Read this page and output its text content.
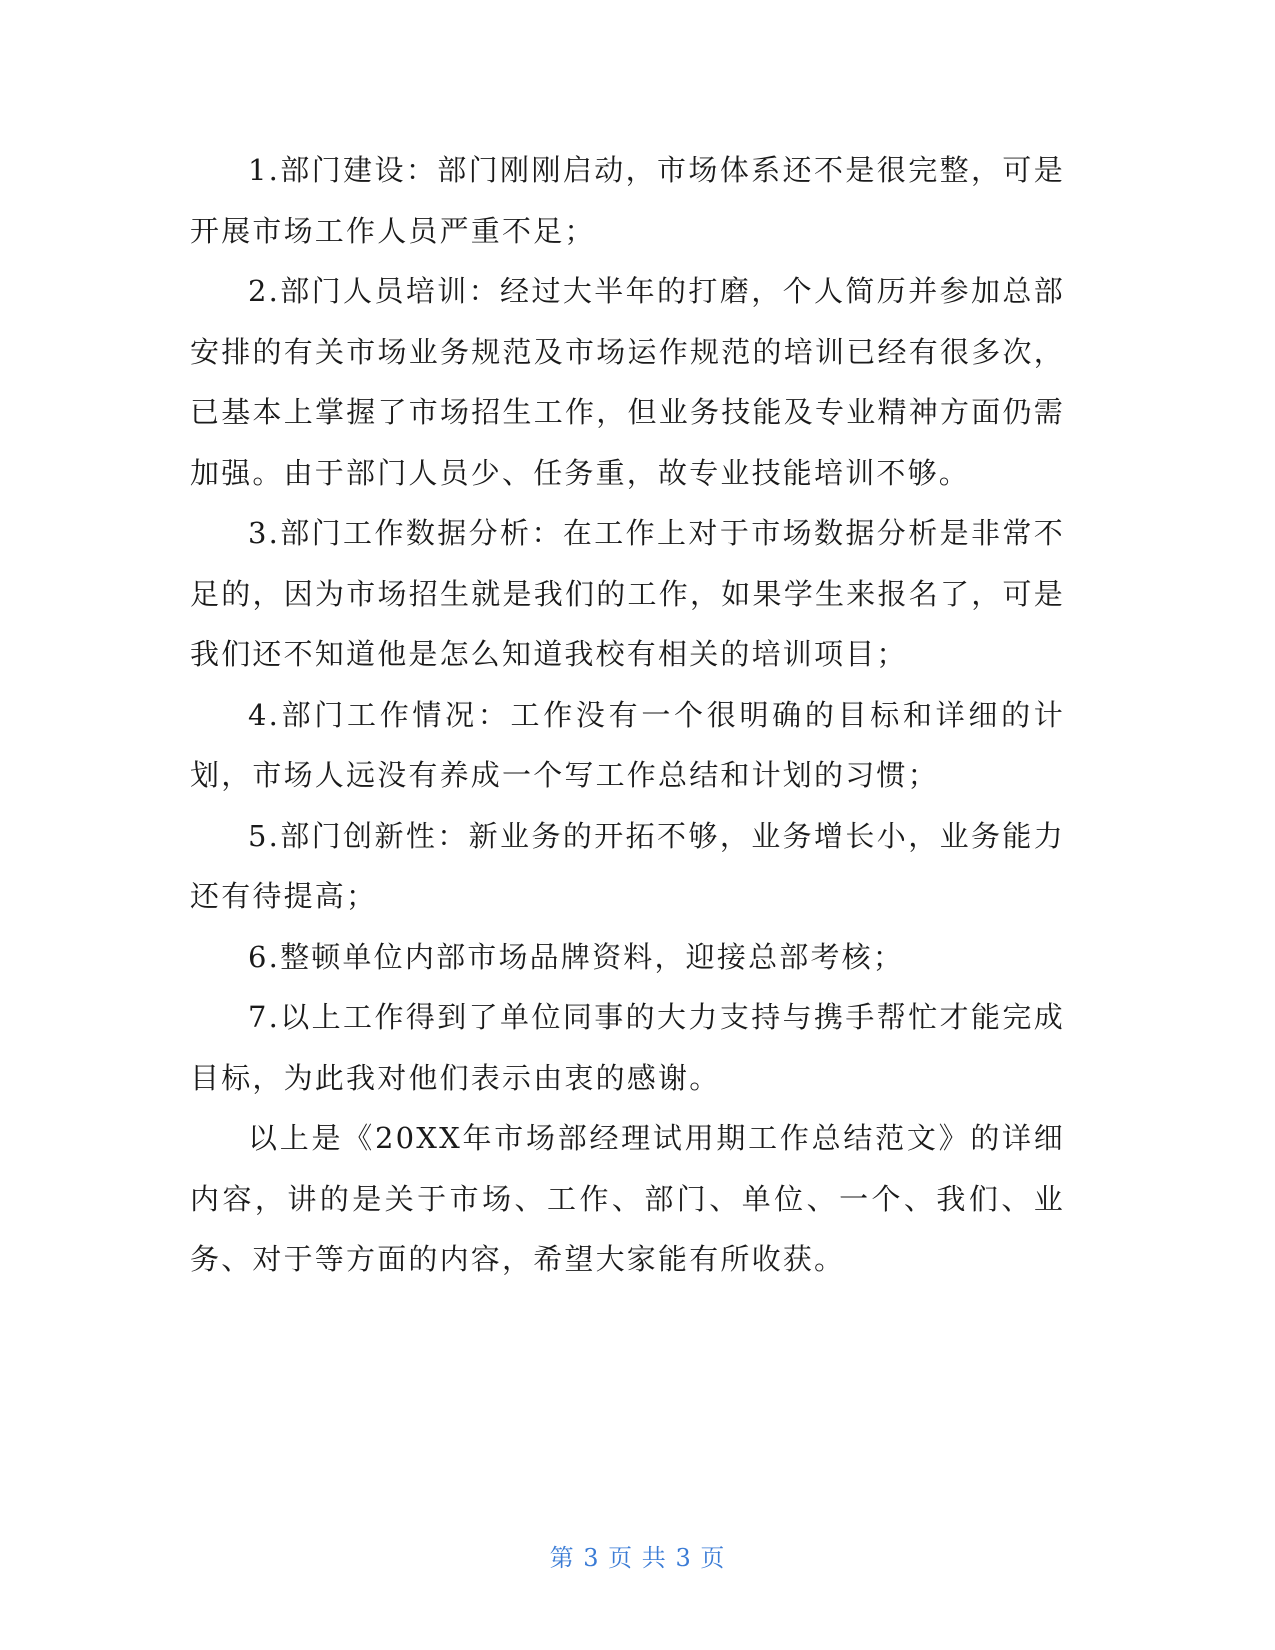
1.部门建设：部门刚刚启动，市场体系还不是很完整，可是开展市场工作人员严重不足；

2.部门人员培训：经过大半年的打磨，个人简历并参加总部安排的有关市场业务规范及市场运作规范的培训已经有很多次，已基本上掌握了市场招生工作，但业务技能及专业精神方面仍需加强。由于部门人员少、任务重，故专业技能培训不够。

3.部门工作数据分析：在工作上对于市场数据分析是非常不足的，因为市场招生就是我们的工作，如果学生来报名了，可是我们还不知道他是怎么知道我校有相关的培训项目；

4.部门工作情况：工作没有一个很明确的目标和详细的计划，市场人远没有养成一个写工作总结和计划的习惯；

5.部门创新性：新业务的开拓不够，业务增长小，业务能力还有待提高；

6.整顿单位内部市场品牌资料，迎接总部考核；

7.以上工作得到了单位同事的大力支持与携手帮忙才能完成目标，为此我对他们表示由衷的感谢。

以上是《20XX年市场部经理试用期工作总结范文》的详细内容，讲的是关于市场、工作、部门、单位、一个、我们、业务、对于等方面的内容，希望大家能有所收获。

第 3 页 共 3 页
